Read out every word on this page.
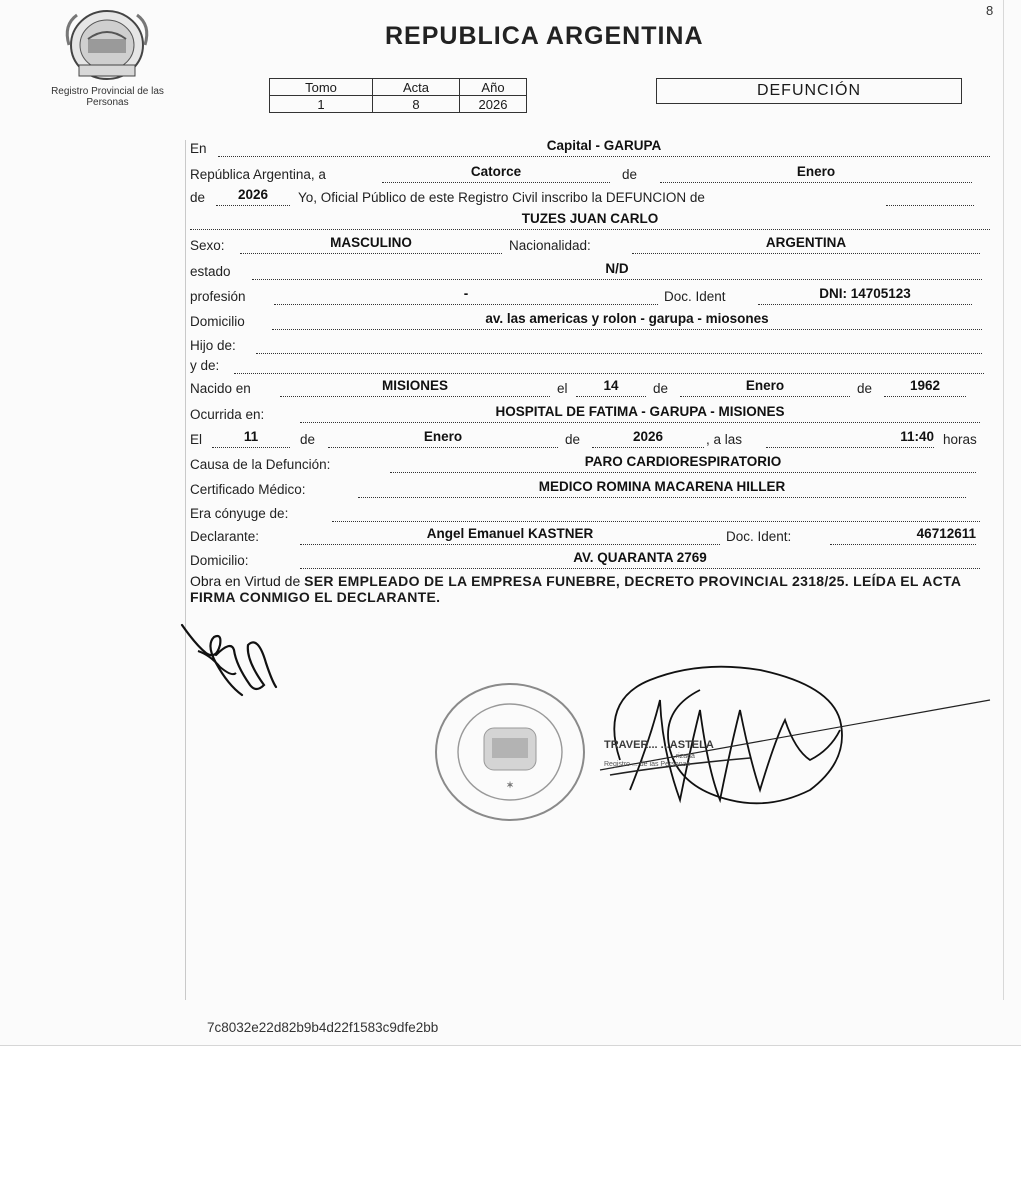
8
Registro Provincial de las Personas
REPUBLICA ARGENTINA
Tomo	Acta	Año
1	8	2026
DEFUNCIÓN
En	Capital - GARUPA
República Argentina, a	Catorce	de	Enero
de	2026	Yo, Oficial Público de este Registro Civil inscribo la DEFUNCION de
TUZES JUAN CARLO
Sexo:	MASCULINO	Nacionalidad:	ARGENTINA
estado	N/D
profesión	-	Doc. Ident	DNI: 14705123
Domicilio	av. las americas y rolon - garupa - miosones
Hijo de:
y de:
Nacido en	MISIONES	el	14	de	Enero	de	1962
Ocurrida en:	HOSPITAL DE FATIMA - GARUPA - MISIONES
El	11	de	Enero	de	2026	, a las	11:40 horas
Causa de la Defunción:	PARO CARDIORESPIRATORIO
Certificado Médico:	MEDICO ROMINA MACARENA HILLER
Era cónyuge de:
Declarante:	Angel Emanuel KASTNER	Doc. Ident:	46712611
Domicilio:	AV. QUARANTA 2769
Obra en Virtud de SER EMPLEADO DE LA EMPRESA FUNEBRE, DECRETO PROVINCIAL 2318/25. LEÍDA EL ACTA FIRMA CONMIGO EL DECLARANTE.
✶
TRAVER... ...ASTELA
...rizada
Registro ... de las Personas
7c8032e22d82b9b4d22f1583c9dfe2bb
